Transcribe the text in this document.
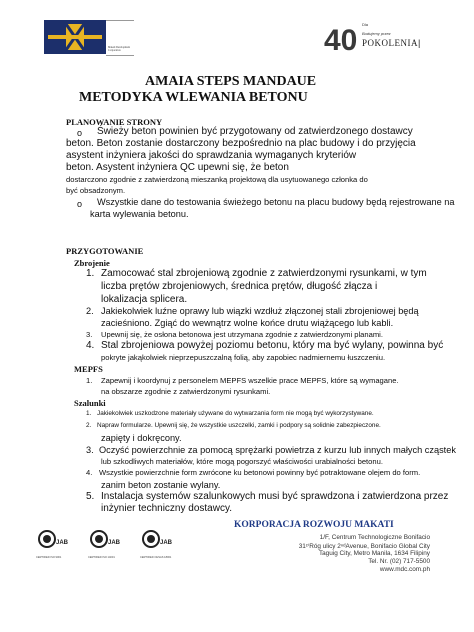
Makati Development Corporation	40 Dla
Budujemy przez
POKOLENIA |
AMAIA STEPS MANDAUE
METODYKA WLEWANIA BETONU
PLANOWANIE STRONY
o Świeży beton powinien być przygotowany od zatwierdzonego dostawcy
beton. Beton zostanie dostarczony bezpośrednio na plac budowy i do przyjęcia
asystent inżyniera jakości do sprawdzania wymaganych kryteriów
beton. Asystent inżyniera QC upewni się, że beton
dostarczono zgodnie z zatwierdzoną mieszanką projektową dla usytuowanego członka do
być obsadzonym.
o Wszystkie dane do testowania świeżego betonu na placu budowy będą rejestrowane na
karta wylewania betonu.
PRZYGOTOWANIE
Zbrojenie
1. Zamocować stal zbrojeniową zgodnie z zatwierdzonymi rysunkami, w tym
liczba prętów zbrojeniowych, średnica prętów, długość złącza i
lokalizacja splicera.
2. Jakiekolwiek luźne oprawy lub wiązki wzdłuż złączonej stali zbrojeniowej będą
zacieśniono. Zgiąć do wewnątrz wolne końce drutu wiążącego lub kabli.
3. Upewnij się, że osłona betonowa jest utrzymana zgodnie z zatwierdzonymi planami.
4. Stal zbrojeniowa powyżej poziomu betonu, który ma być wylany, powinna być
pokryte jakąkolwiek nieprzepuszczalną folią, aby zapobiec nadmiernemu łuszczeniu.
MEPFS
1. Zapewnij i koordynuj z personelem MEPFS wszelkie prace MEPFS, które są wymagane.
na obszarze zgodnie z zatwierdzonymi rysunkami.
Szalunki
1. Jakiekolwiek uszkodzone materiały używane do wytwarzania form nie mogą być wykorzystywane.
2. Napraw formularze. Upewnij się, że wszystkie uszczelki, zamki i podpory są solidnie zabezpieczone.
zapięty i dokręcony.
3. Oczyść powierzchnie za pomocą sprężarki powietrza z kurzu lub innych małych cząstek
lub szkodliwych materiałów, które mogą pogorszyć właściwości urabialności betonu.
4. Wszystkie powierzchnie form zwrócone ku betonowi powinny być potraktowane olejem do form.
zanim beton zostanie wylany.
5. Instalacja systemów szalunkowych musi być sprawdzona i zatwierdzona przez
inżynier techniczny dostawcy.
JAB
CERTIFIED ISO 9001
JAB
CERTIFIED ISO 14001
JAB
CERTIFIED OHSAS 18001
KORPORACJA ROZWOJU MAKATI
1/F, Centrum Technologiczne Bonifacio
31ᶜⁱRóg ulicy 2ⁿᵈAvenue, Bonifacio Global City
Taguig City, Metro Manila, 1634 Filipiny
Tel. Nr. (02) 717-5500
www.mdc.com.ph
